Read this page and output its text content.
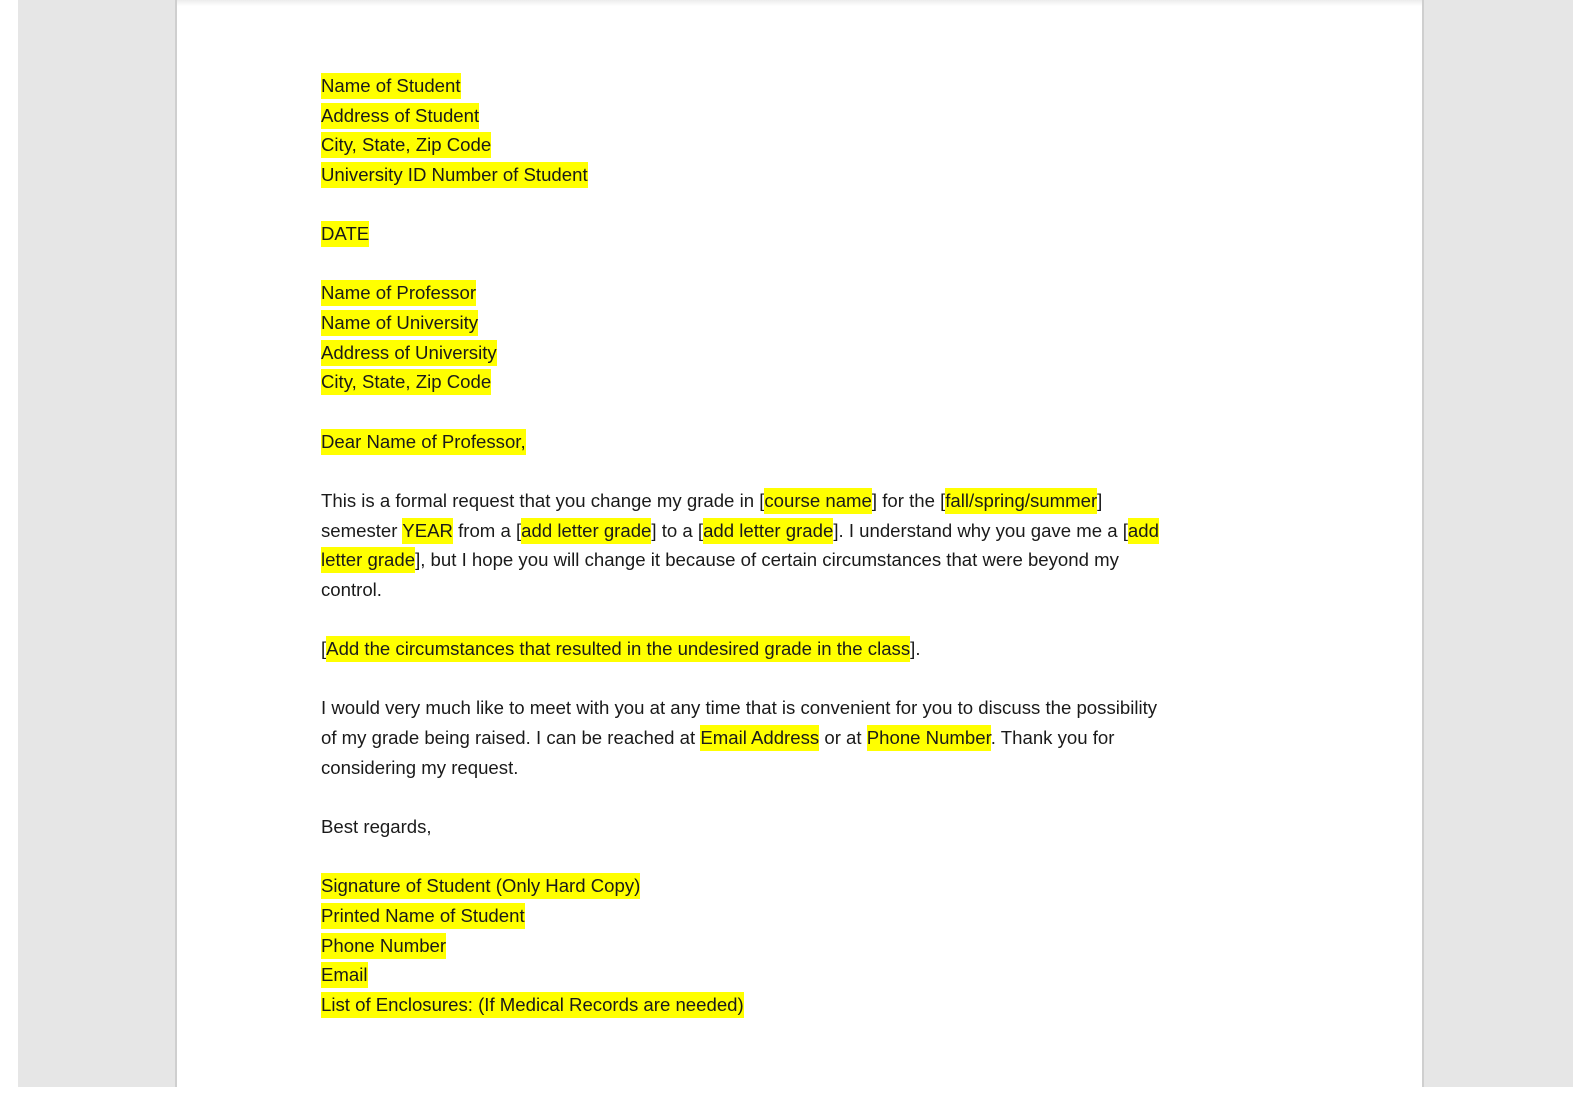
Name of Student
Address of Student
City, State, Zip Code
University ID Number of Student
DATE
Name of Professor
Name of University
Address of University
City, State, Zip Code
Dear Name of Professor,
This is a formal request that you change my grade in [course name] for the [fall/spring/summer]
semester YEAR from a [add letter grade] to a [add letter grade]. I understand why you gave me a [add
letter grade], but I hope you will change it because of certain circumstances that were beyond my
control.
[Add the circumstances that resulted in the undesired grade in the class].
I would very much like to meet with you at any time that is convenient for you to discuss the possibility
of my grade being raised. I can be reached at Email Address or at Phone Number. Thank you for
considering my request.
Best regards,
Signature of Student (Only Hard Copy)
Printed Name of Student
Phone Number
Email
List of Enclosures: (If Medical Records are needed)
